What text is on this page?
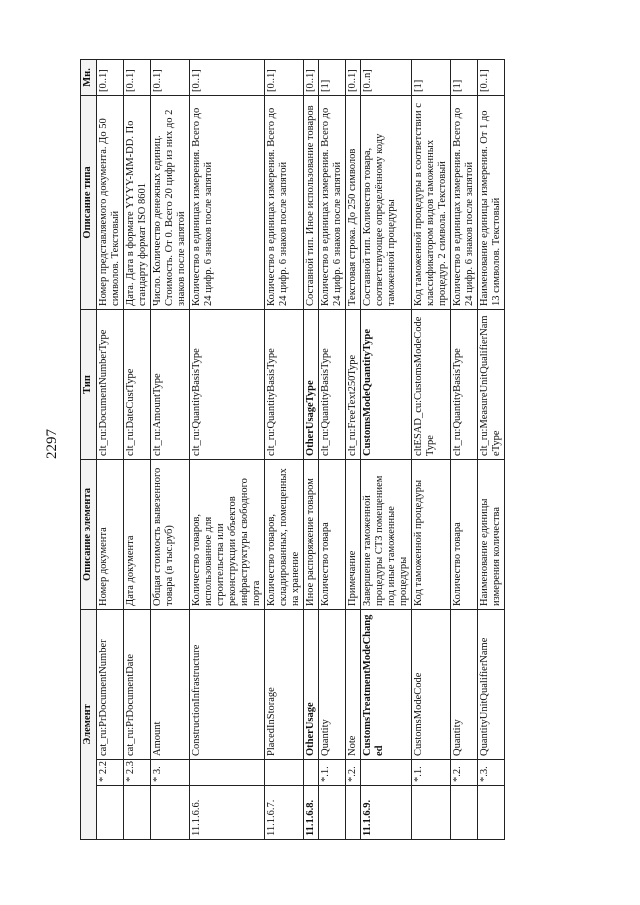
2297
Элемент			Описание элемента	Тип	Описание типа	Мн.
	* 2.2	cat_ru:PrDocumentNumber	Номер документа	clt_ru:DocumentNumberType	Номер представляемого документа. До 50 символов. Текстовый	[0..1]
	* 2.3	cat_ru:PrDocumentDate	Дата документа	clt_ru:DateCustType	Дата. Дата в формате YYYY-MM-DD. По стандарту формат ISO 8601	[0..1]
	* 3.	Amount	Общая стоимость вывезенного товара (в тыс.руб)	clt_ru:AmountType	Число. Количество денежных единиц. Стоимость. От 0. Всего 20 цифр из них до 2 знаков после запятой	[0..1]
11.1.6.6.		ConstructionInfrastructure	Количество товаров, использованное для строительства или реконструкции объектов инфраструктуры свободного порта	clt_ru:QuantityBasisType	Количество в единицах измерения. Всего до 24 цифр. 6 знаков после запятой	[0..1]
11.1.6.7.		PlacedInStorage	Количество товаров, складированных, помещенных на хранение	clt_ru:QuantityBasisType	Количество в единицах измерения. Всего до 24 цифр. 6 знаков после запятой	[0..1]
11.1.6.8.		OtherUsage	Иное распоряжение товаром	OtherUsageType	Составной тип. Иное использование товаров	[0..1]
	*.1.	Quantity	Количество товара	clt_ru:QuantityBasisType	Количество в единицах измерения. Всего до 24 цифр. 6 знаков после запятой	[1]
	*.2.	Note	Примечание	clt_ru:FreeText250Type	Текстовая строка. До 250 символов	[0..1]
11.1.6.9.		CustomsTreatmentModeChanged	Завершение таможенной процедуры СТЗ помещением под иные таможенные процедуры	CustomsModeQuantityType	Составной тип. Количество товара, соответствующее определённому коду таможенной процедуры	[0..n]
	*.1.	CustomsModeCode	Код таможенной процедуры	cltESAD_cu:CustomsModeCodeType	Код таможенной процедуры в соответствии с классификатором видов таможенных процедур. 2 символа. Текстовый	[1]
	*.2.	Quantity	Количество товара	clt_ru:QuantityBasisType	Количество в единицах измерения. Всего до 24 цифр. 6 знаков после запятой	[1]
	*.3.	QuantityUnitQualifierName	Наименование единицы измерения количества	clt_ru:MeasureUnitQualifierNameType	Наименование единицы измерения. От 1 до 13 символов. Текстовый	[0..1]
